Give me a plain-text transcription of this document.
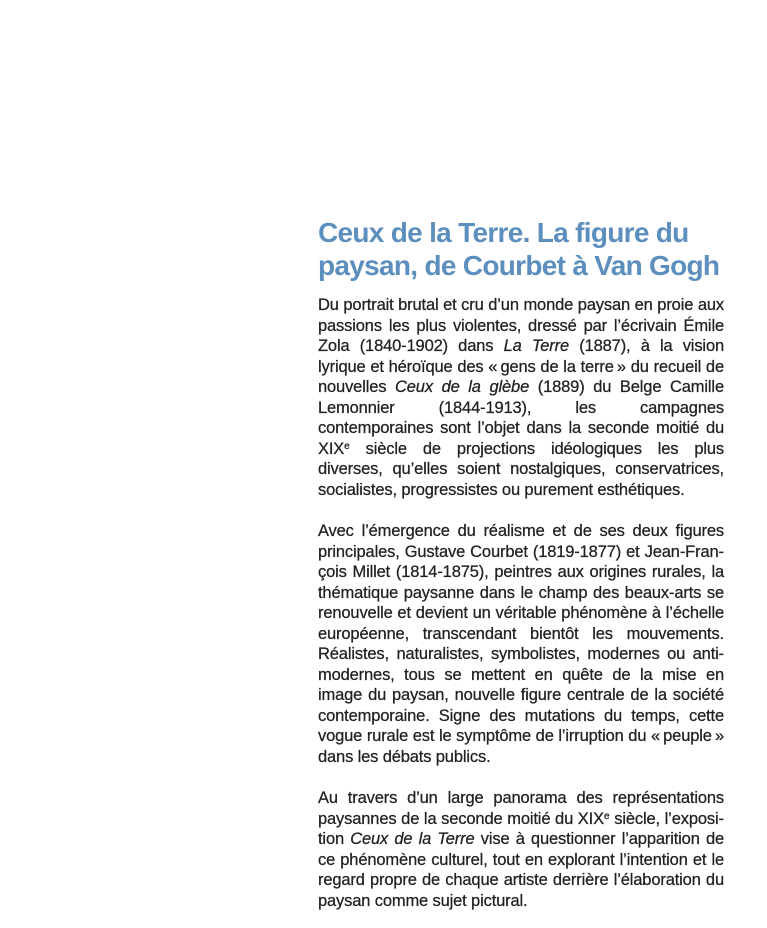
Ceux de la Terre. La figure du
paysan, de Courbet à Van Gogh

Du portrait brutal et cru d’un monde paysan en proie aux passions les plus violentes, dressé par l’écrivain Émile Zola (1840-1902) dans La Terre (1887), à la vision lyrique et héroïque des « gens de la terre » du recueil de nouvelles Ceux de la glèbe (1889) du Belge Camille Lemonnier (1844-1913), les campagnes contemporaines sont l’objet dans la seconde moitié du XIXe siècle de projections idéologiques les plus diverses, qu’elles soient nostalgiques, conservatrices, socialistes, progressistes ou purement esthétiques.

Avec l’émergence du réalisme et de ses deux figures principales, Gustave Courbet (1819-1877) et Jean-François Millet (1814-1875), peintres aux origines rurales, la thématique paysanne dans le champ des beaux-arts se renouvelle et devient un véritable phénomène à l’échelle européenne, transcendant bientôt les mouvements. Réalistes, naturalistes, symbolistes, modernes ou anti-modernes, tous se mettent en quête de la mise en image du paysan, nouvelle figure centrale de la société contemporaine. Signe des mutations du temps, cette vogue rurale est le symptôme de l’irruption du « peuple » dans les débats publics.

Au travers d’un large panorama des représentations paysannes de la seconde moitié du XIXe siècle, l’exposition Ceux de la Terre vise à questionner l’apparition de ce phénomène culturel, tout en explorant l’intention et le regard propre de chaque artiste derrière l’élaboration du paysan comme sujet pictural.
